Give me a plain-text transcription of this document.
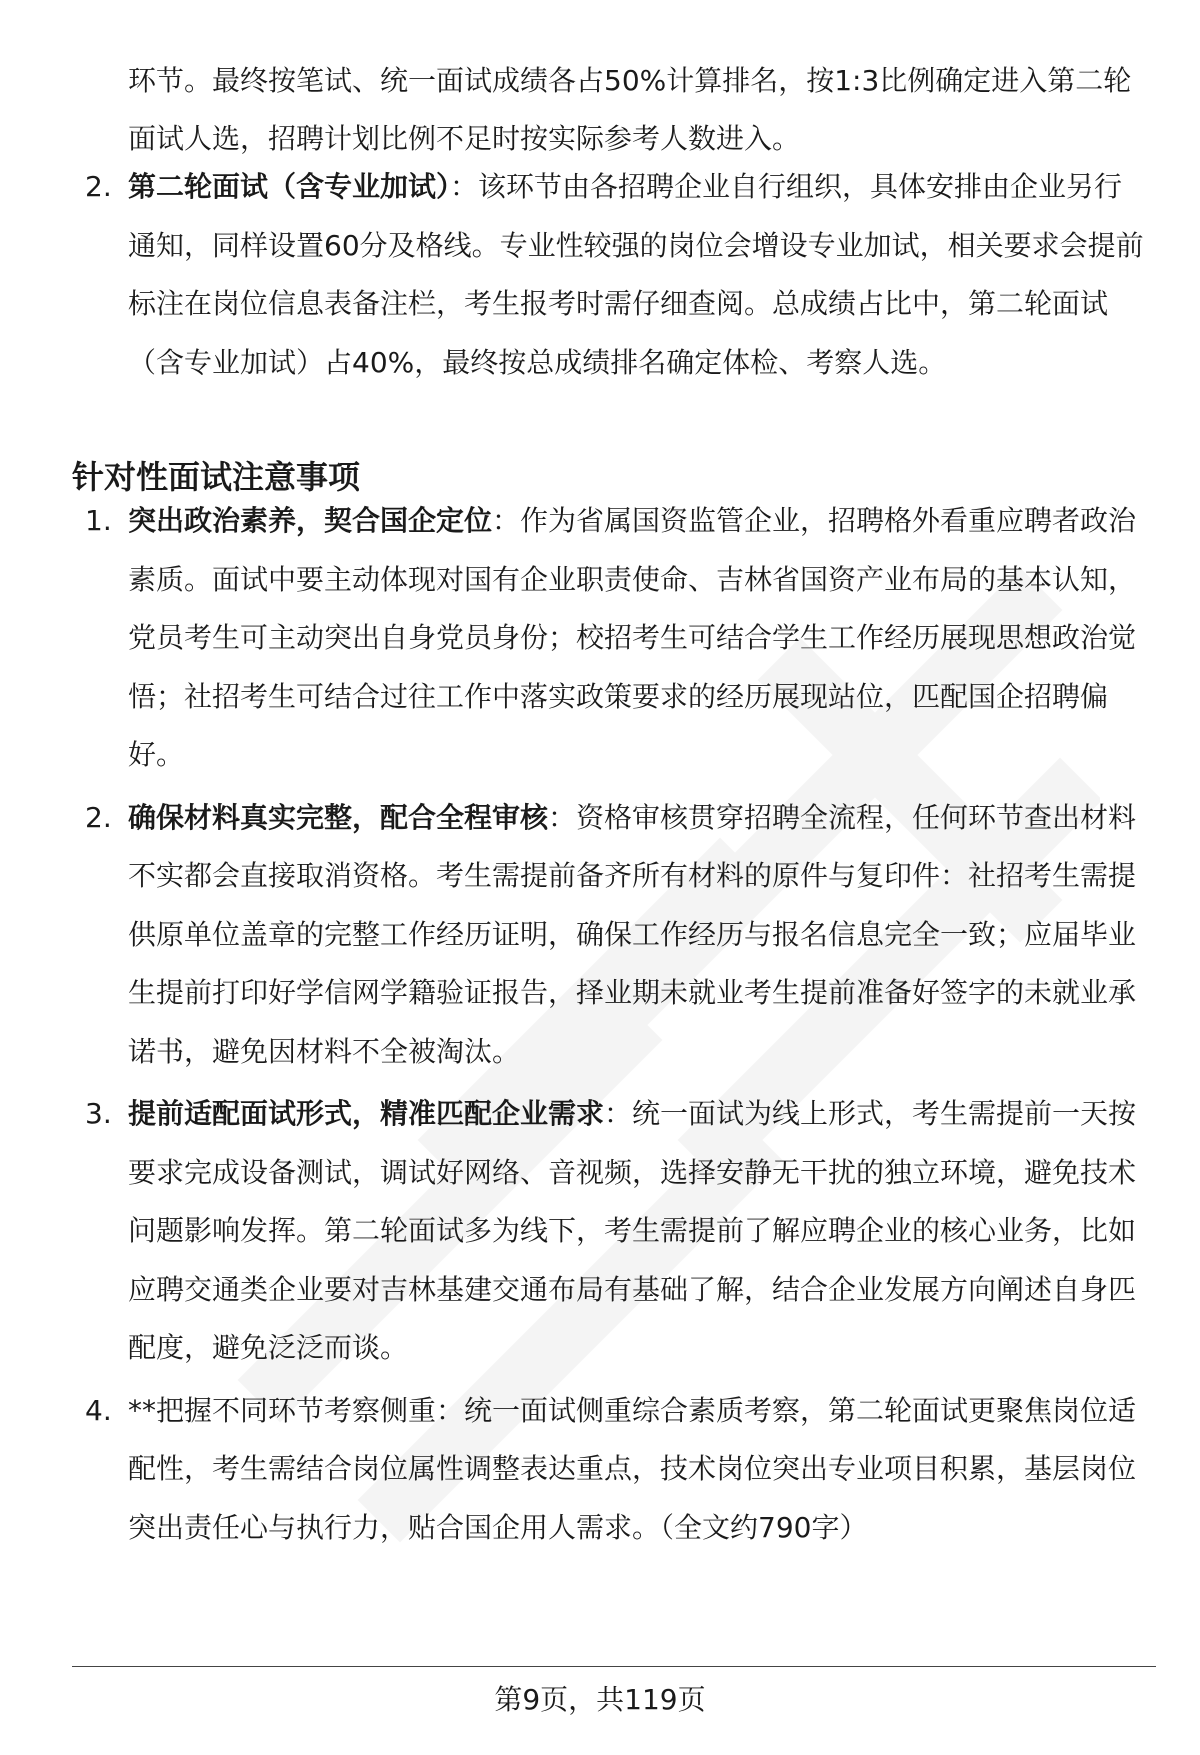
环节。最终按笔试、统一面试成绩各占50%计算排名，按1:3比例确定进入第二轮面试人选，招聘计划比例不足时按实际参考人数进入。

2. 第二轮面试（含专业加试）：该环节由各招聘企业自行组织，具体安排由企业另行通知，同样设置60分及格线。专业性较强的岗位会增设专业加试，相关要求会提前标注在岗位信息表备注栏，考生报考时需仔细查阅。总成绩占比中，第二轮面试（含专业加试）占40%，最终按总成绩排名确定体检、考察人选。
针对性面试注意事项
1. 突出政治素养，契合国企定位：作为省属国资监管企业，招聘格外看重应聘者政治素质。面试中要主动体现对国有企业职责使命、吉林省国资产业布局的基本认知，党员考生可主动突出自身党员身份；校招考生可结合学生工作经历展现思想政治觉悟；社招考生可结合过往工作中落实政策要求的经历展现站位，匹配国企招聘偏好。
2. 确保材料真实完整，配合全程审核：资格审核贯穿招聘全流程，任何环节查出材料不实都会直接取消资格。考生需提前备齐所有材料的原件与复印件：社招考生需提供原单位盖章的完整工作经历证明，确保工作经历与报名信息完全一致；应届毕业生提前打印好学信网学籍验证报告，择业期未就业考生提前准备好签字的未就业承诺书，避免因材料不全被淘汰。
3. 提前适配面试形式，精准匹配企业需求：统一面试为线上形式，考生需提前一天按要求完成设备测试，调试好网络、音视频，选择安静无干扰的独立环境，避免技术问题影响发挥。第二轮面试多为线下，考生需提前了解应聘企业的核心业务，比如应聘交通类企业要对吉林基建交通布局有基础了解，结合企业发展方向阐述自身匹配度，避免泛泛而谈。
4. **把握不同环节考察侧重：统一面试侧重综合素质考察，第二轮面试更聚焦岗位适配性，考生需结合岗位属性调整表达重点，技术岗位突出专业项目积累，基层岗位突出责任心与执行力，贴合国企用人需求。（全文约790字）
第9页，共119页
